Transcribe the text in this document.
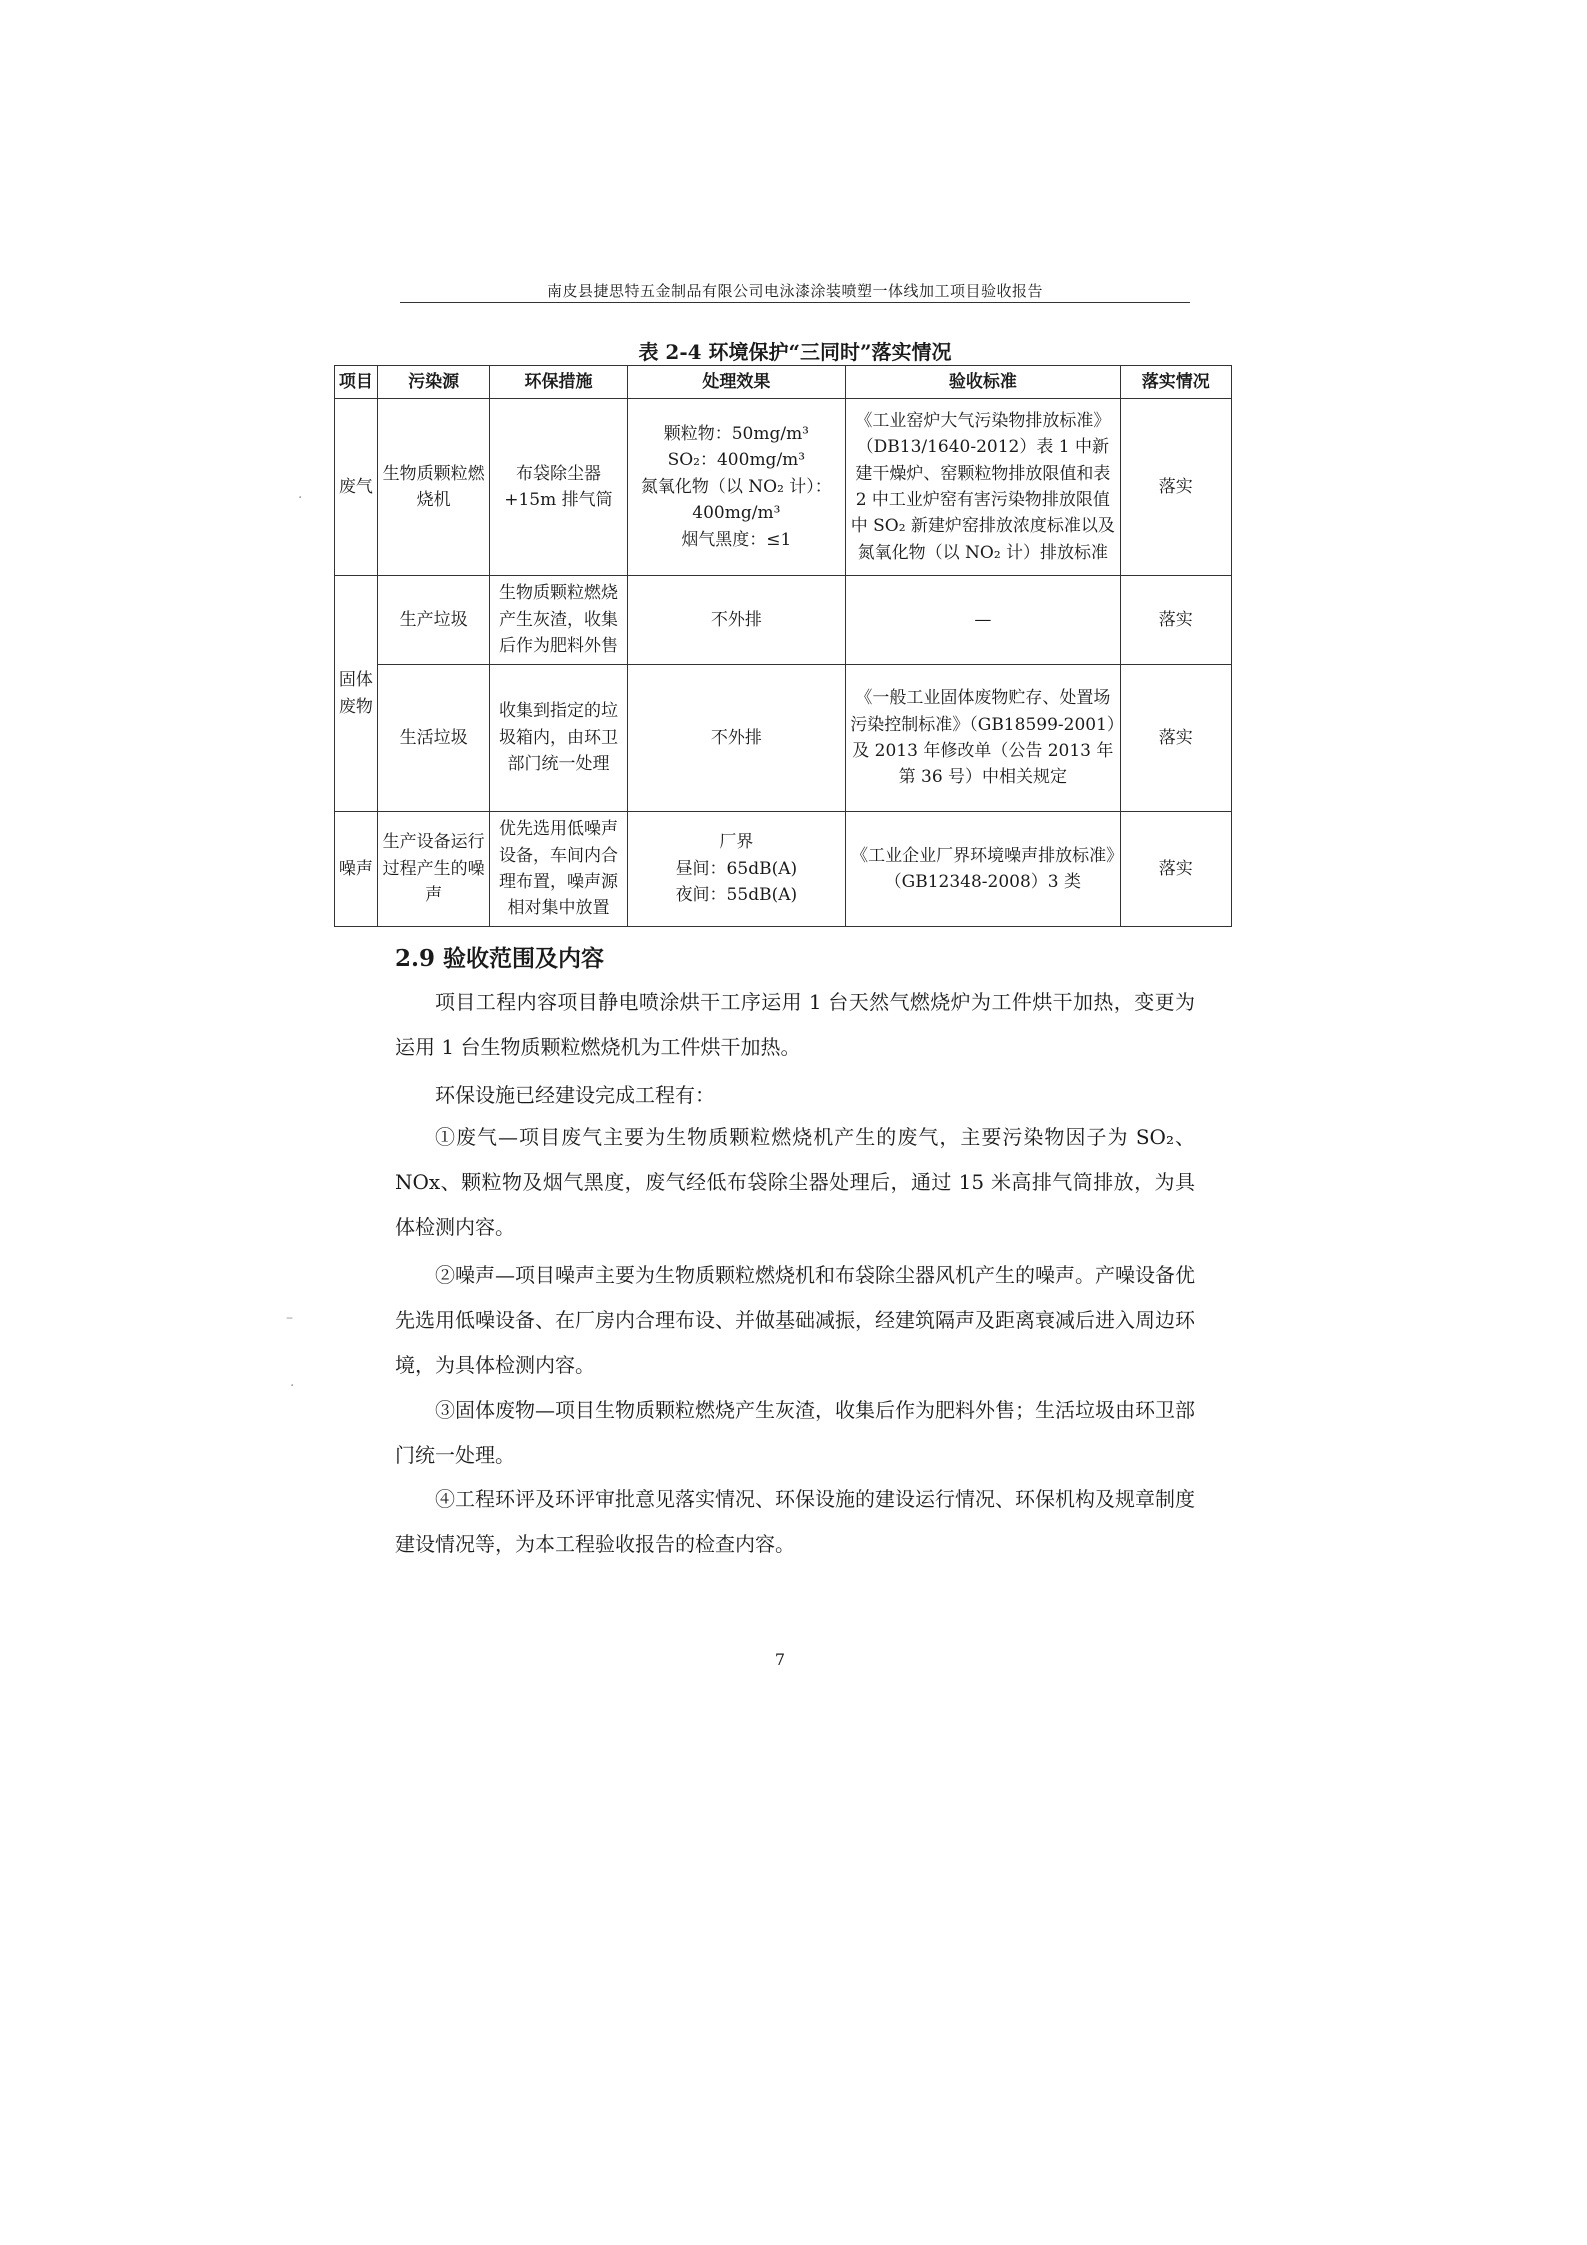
南皮县捷思特五金制品有限公司电泳漆涂装喷塑一体线加工项目验收报告
表 2-4 环境保护“三同时”落实情况
项目	污染源	环保措施	处理效果	验收标准	落实情况
废气	生物质颗粒燃烧机	布袋除尘器+15m 排气筒	颗粒物：50mg/m³
SO₂：400mg/m³
氮氧化物（以 NO₂ 计）：400mg/m³
烟气黑度：≤1	《工业窑炉大气污染物排放标准》（DB13/1640-2012）表 1 中新建干燥炉、窑颗粒物排放限值和表 2 中工业炉窑有害污染物排放限值中 SO₂ 新建炉窑排放浓度标准以及氮氧化物（以 NO₂ 计）排放标准	落实
固体废物	生产垃圾	生物质颗粒燃烧产生灰渣，收集后作为肥料外售	不外排	—	落实
	生活垃圾	收集到指定的垃圾箱内，由环卫部门统一处理	不外排	《一般工业固体废物贮存、处置场污染控制标准》（GB18599-2001）及 2013 年修改单（公告 2013 年第 36 号）中相关规定	落实
噪声	生产设备运行过程产生的噪声	优先选用低噪声设备，车间内合理布置，噪声源相对集中放置	厂界
昼间：65dB(A)
夜间：55dB(A)	《工业企业厂界环境噪声排放标准》（GB12348-2008）3 类	落实
2.9 验收范围及内容

项目工程内容项目静电喷涂烘干工序运用 1 台天然气燃烧炉为工件烘干加热，变更为运用 1 台生物质颗粒燃烧机为工件烘干加热。

环保设施已经建设完成工程有：

①废气—项目废气主要为生物质颗粒燃烧机产生的废气，主要污染物因子为 SO₂、NOx、颗粒物及烟气黑度，废气经低布袋除尘器处理后，通过 15 米高排气筒排放，为具体检测内容。

②噪声—项目噪声主要为生物质颗粒燃烧机和布袋除尘器风机产生的噪声。产噪设备优先选用低噪设备、在厂房内合理布设、并做基础减振，经建筑隔声及距离衰减后进入周边环境，为具体检测内容。

③固体废物—项目生物质颗粒燃烧产生灰渣，收集后作为肥料外售；生活垃圾由环卫部门统一处理。

④工程环评及环评审批意见落实情况、环保设施的建设运行情况、环保机构及规章制度建设情况等，为本工程验收报告的检查内容。

7
·
–
·
